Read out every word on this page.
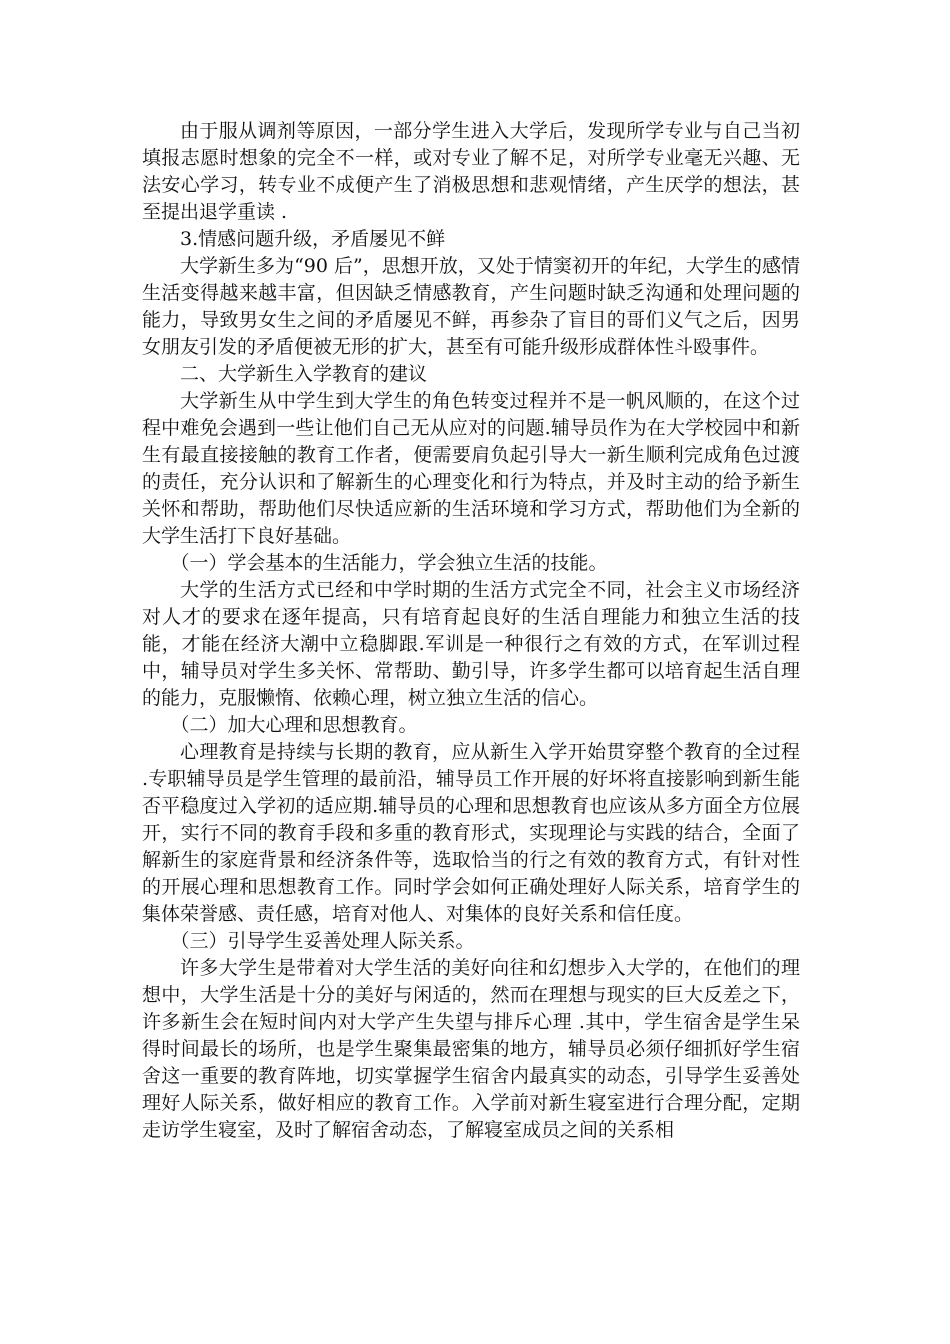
由于服从调剂等原因，一部分学生进入大学后，发现所学专业与自己当初填报志愿时想象的完全不一样，或对专业了解不足，对所学专业毫无兴趣、无法安心学习，转专业不成便产生了消极思想和悲观情绪，产生厌学的想法，甚至提出退学重读 .

3.情感问题升级，矛盾屡见不鲜

大学新生多为“90 后”，思想开放，又处于情窦初开的年纪，大学生的感情生活变得越来越丰富，但因缺乏情感教育，产生问题时缺乏沟通和处理问题的能力，导致男女生之间的矛盾屡见不鲜，再参杂了盲目的哥们义气之后，因男女朋友引发的矛盾便被无形的扩大，甚至有可能升级形成群体性斗殴事件。

二、大学新生入学教育的建议

大学新生从中学生到大学生的角色转变过程并不是一帆风顺的，在这个过程中难免会遇到一些让他们自己无从应对的问题.辅导员作为在大学校园中和新生有最直接接触的教育工作者，便需要肩负起引导大一新生顺利完成角色过渡的责任，充分认识和了解新生的心理变化和行为特点，并及时主动的给予新生关怀和帮助，帮助他们尽快适应新的生活环境和学习方式，帮助他们为全新的大学生活打下良好基础。

（一）学会基本的生活能力，学会独立生活的技能。

大学的生活方式已经和中学时期的生活方式完全不同，社会主义市场经济对人才的要求在逐年提高，只有培育起良好的生活自理能力和独立生活的技能，才能在经济大潮中立稳脚跟.军训是一种很行之有效的方式，在军训过程中，辅导员对学生多关怀、常帮助、勤引导，许多学生都可以培育起生活自理的能力，克服懒惰、依赖心理，树立独立生活的信心。

（二）加大心理和思想教育。

心理教育是持续与长期的教育，应从新生入学开始贯穿整个教育的全过程 .专职辅导员是学生管理的最前沿，辅导员工作开展的好坏将直接影响到新生能否平稳度过入学初的适应期.辅导员的心理和思想教育也应该从多方面全方位展开，实行不同的教育手段和多重的教育形式，实现理论与实践的结合，全面了解新生的家庭背景和经济条件等，选取恰当的行之有效的教育方式，有针对性的开展心理和思想教育工作。同时学会如何正确处理好人际关系，培育学生的集体荣誉感、责任感，培育对他人、对集体的良好关系和信任度。

（三）引导学生妥善处理人际关系。

许多大学生是带着对大学生活的美好向往和幻想步入大学的，在他们的理想中，大学生活是十分的美好与闲适的，然而在理想与现实的巨大反差之下，许多新生会在短时间内对大学产生失望与排斥心理 .其中，学生宿舍是学生呆得时间最长的场所，也是学生聚集最密集的地方，辅导员必须仔细抓好学生宿舍这一重要的教育阵地，切实掌握学生宿舍内最真实的动态，引导学生妥善处理好人际关系，做好相应的教育工作。入学前对新生寝室进行合理分配，定期走访学生寝室，及时了解宿舍动态，了解寝室成员之间的关系相
